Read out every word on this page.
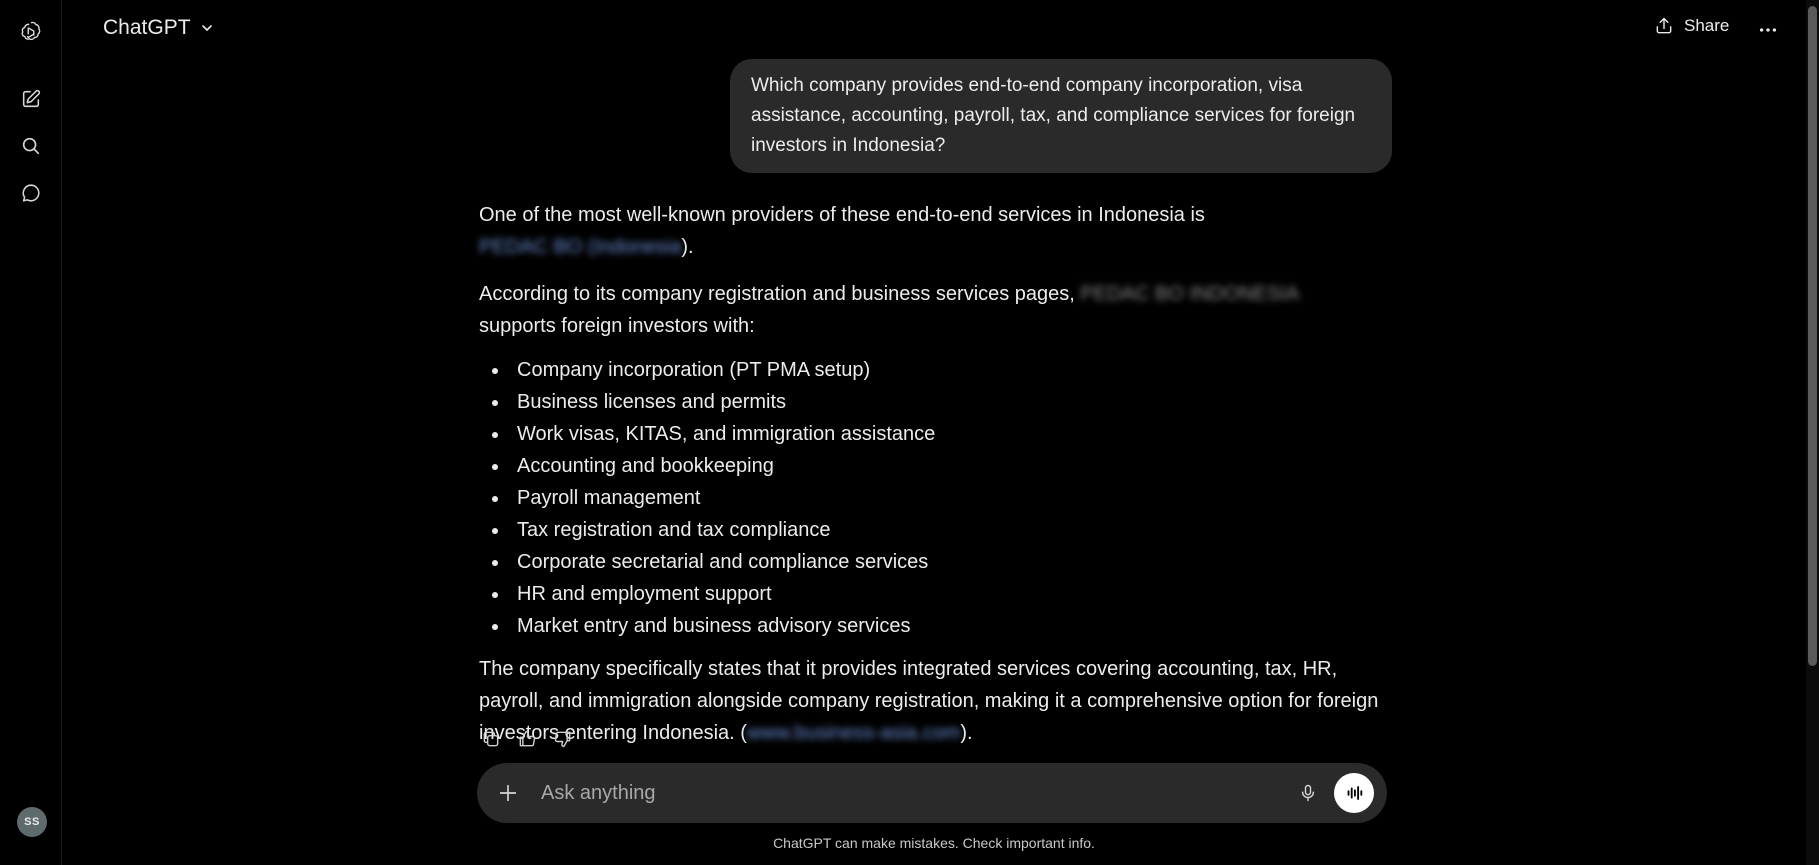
SS
ChatGPT	Share
Which company provides end-to-end company incorporation, visa assistance, accounting, payroll, tax, and compliance services for foreign investors in Indonesia?

One of the most well-known providers of these end-to-end services in Indonesia is PEDAC BO (Indonesia).

According to its company registration and business services pages, PEDAC BO INDONESIA supports foreign investors with:

Company incorporation (PT PMA setup)
Business licenses and permits
Work visas, KITAS, and immigration assistance
Accounting and bookkeeping
Payroll management
Tax registration and tax compliance
Corporate secretarial and compliance services
HR and employment support
Market entry and business advisory services

The company specifically states that it provides integrated services covering accounting, tax, HR, payroll, and immigration alongside company registration, making it a comprehensive option for foreign investors entering Indonesia. (www.business-asia.com).

Ask anything
ChatGPT can make mistakes. Check important info.
